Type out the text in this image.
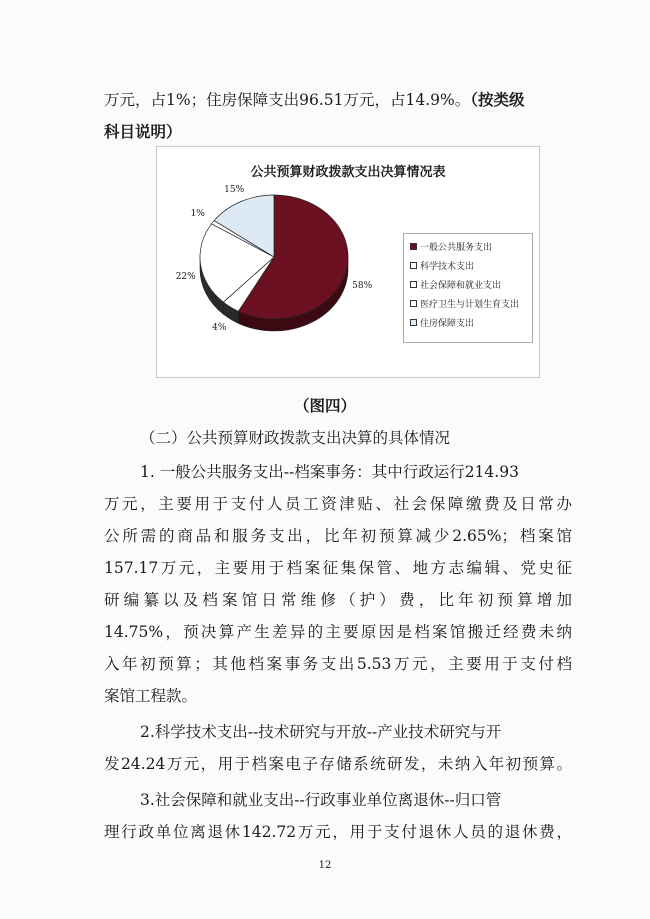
万元，占1%；住房保障支出96.51万元，占14.9%。（按类级
科目说明）
公共预算财政拨款支出决算情况表
一般公共服务支出
科学技术支出
社会保障和就业支出
医疗卫生与计划生育支出
住房保障支出
58%
4%
22%
1%
15%
（图四）
（二）公共预算财政拨款支出决算的具体情况
1. 一般公共服务支出--档案事务：其中行政运行214.93
万元，主要用于支付人员工资津贴、社会保障缴费及日常办
公所需的商品和服务支出，比年初预算减少2.65%；档案馆
157.17万元，主要用于档案征集保管、地方志编辑、党史征
研编纂以及档案馆日常维修（护）费，比年初预算增加
14.75%，预决算产生差异的主要原因是档案馆搬迁经费未纳
入年初预算；其他档案事务支出5.53万元，主要用于支付档
案馆工程款。
2.科学技术支出--技术研究与开放--产业技术研究与开
发24.24万元，用于档案电子存储系统研发，未纳入年初预算。
3.社会保障和就业支出--行政事业单位离退休--归口管
理行政单位离退休142.72万元，用于支付退休人员的退休费，
12
